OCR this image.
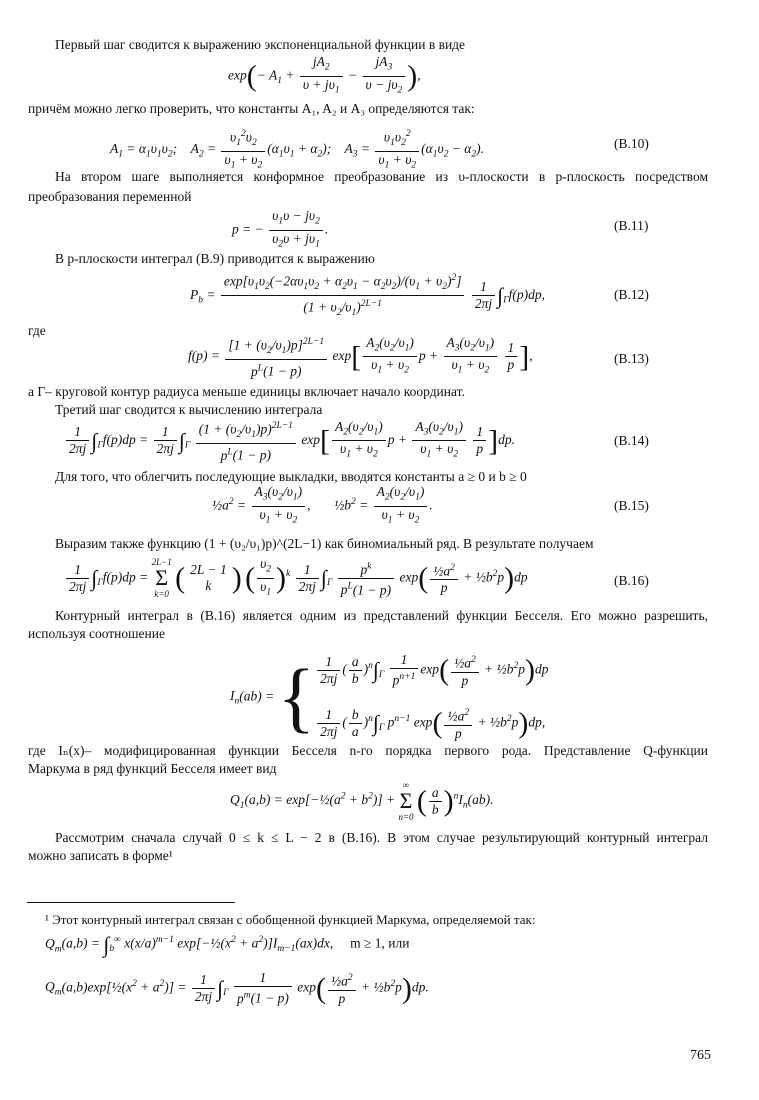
Первый шаг сводится к выражению экспоненциальной функции в виде
$\exp(- A_1 + \frac{jA_2}{\upsilon + j\upsilon_1} - \frac{jA_3}{\upsilon - j\upsilon_2}$ ),
причём можно легко проверить, что константы A₁, A₂ и A₃ определяются так:
$A_1 = \alpha_1\upsilon_1\upsilon_2$;    $A_2 = \frac{\upsilon_1^2\upsilon_2}{\upsilon_1 + \upsilon_2} (\alpha_1\upsilon_1 + \alpha_2)$;    $A_3 = \frac{\upsilon_1\upsilon_2^2}{\upsilon_1 + \upsilon_2} (\alpha_1\upsilon_2 - \alpha_2)$.	(В.10)
На втором шаге выполняется конформное преобразование из υ-плоскости в p-плоскость посредством
преобразования переменной
p = − $\frac{\upsilon_1\upsilon - j\upsilon_2}{\upsilon_2\upsilon + j\upsilon_1}$ .	(В.11)
В p-плоскости интеграл (В.9) приводится к выражению
$P_b = \frac{\exp[\upsilon_1\upsilon_2(-2\alpha\upsilon_1\upsilon_2 + \alpha_2\upsilon_1 - \alpha_2\upsilon_2)/(\upsilon_1 + \upsilon_2)^2]}{(1 + \upsilon_2/\upsilon_1)^{2L-1}}$
$\frac{1}{2\pi j} \int_\Gamma f(p)dp$,	(В.12)
где
$f(p) = \frac{[1 + (\upsilon_2/\upsilon_1)p]^{2L-1}}{p^L(1 - p)} \exp[ \frac{A_2(\upsilon_2/\upsilon_1)}{\upsilon_1 + \upsilon_2}$ $p + \frac{A_3(\upsilon_2/\upsilon_1)}{\upsilon_1 + \upsilon_2}$
$\frac{1}{p}$ ],	(В.13)
а Γ– круговой контур радиуса меньше единицы включает начало координат.
Третий шаг сводится к вычислению интеграла
$\frac{1}{2\pi j} \int_\Gamma f(p)dp = \frac{1}{2\pi j} \int_\Gamma \frac{(1 + (\upsilon_2/\upsilon_1)p)^{2L-1}}{p^L(1 - p)} \exp[ \frac{A_2(\upsilon_2/\upsilon_1)}{\upsilon_1 + \upsilon_2}$ $p + \frac{A_3(\upsilon_2/\upsilon_1)}{\upsilon_1 + \upsilon_2}$
$\frac{1}{p} ]dp$.	(В.14)
Для того, что облегчить последующие выкладки, вводятся константы a ≥ 0 и b ≥ 0
$\frac{1}{2}a^2 = \frac{A_3(\upsilon_2/\upsilon_1)}{\upsilon_1 + \upsilon_2}$ ,       $\frac{1}{2}b^2 = \frac{A_2(\upsilon_2/\upsilon_1)}{\upsilon_1 + \upsilon_2}$ .	(В.15)
Выразим также функцию (1 + (υ₂/υ₁)p)^(2L−1) как биномиальный ряд. В результате получаем
$\frac{1}{2\pi j} \int_\Gamma f(p)dp$ =
2L−1
Σ
k=0 ( 2L − 1
k ) ( $\frac{\upsilon_2}{\upsilon_1} )^k \frac{1}{2\pi j} \int_\Gamma \frac{p^k}{p^L(1 - p)} \exp( \frac{\frac{1}{2}a^2}{p}$ + $\frac{1}{2}b^2p)dp$	(В.16)
Контурный интеграл в (В.16) является одним из представлений функции Бесселя. Его можно разрешить,
используя соотношение
$I_n(ab)$ = { $\frac{1}{2\pi j}$ ( $\frac{a}{b} )^n\int_\Gamma \frac{1}{p^{n+1}} \exp( \frac{\frac{1}{2}a^2}{p}$ + $\frac{1}{2}b^2p)dp$
$\frac{1}{2\pi j}$ ( $\frac{b}{a} )^n\int_\Gamma$ $p^{n-1}$ $\exp( \frac{\frac{1}{2}a^2}{p}$ + $\frac{1}{2}b^2p)dp$,
где Iₙ(x)– модифицированная функции Бесселя n-го порядка первого рода. Представление Q-функции
Маркума в ряд функций Бесселя имеет вид
$Q_1(a,b)$ = $\exp[-\frac{1}{2}(a^2 + b^2)]$ +
∞
Σ
n=0 ( $\frac{a}{b} )^nI_n(ab)$.
Рассмотрим сначала случай 0 ≤ k ≤ L − 2 в (В.16). В этом случае результирующий контурный интеграл
можно записать в форме¹
¹ Этот контурный интеграл связан с обобщенной функцией Маркума, определяемой так:
$Q_m(a,b) = \int_b^\infty$ $x(x/a)^{m-1}$ $\exp[-\frac{1}{2}(x^2 + a^2)]I_{m-1}(ax)dx$,     m ≥ 1, или
$Q_m(a,b)\exp[\frac{1}{2}(x^2 + a^2)] = \frac{1}{2\pi j} \int_\Gamma \frac{1}{p^m(1 - p)} \exp( \frac{\frac{1}{2}a^2}{p}$ + $\frac{1}{2}b^2p)dp$.
765
